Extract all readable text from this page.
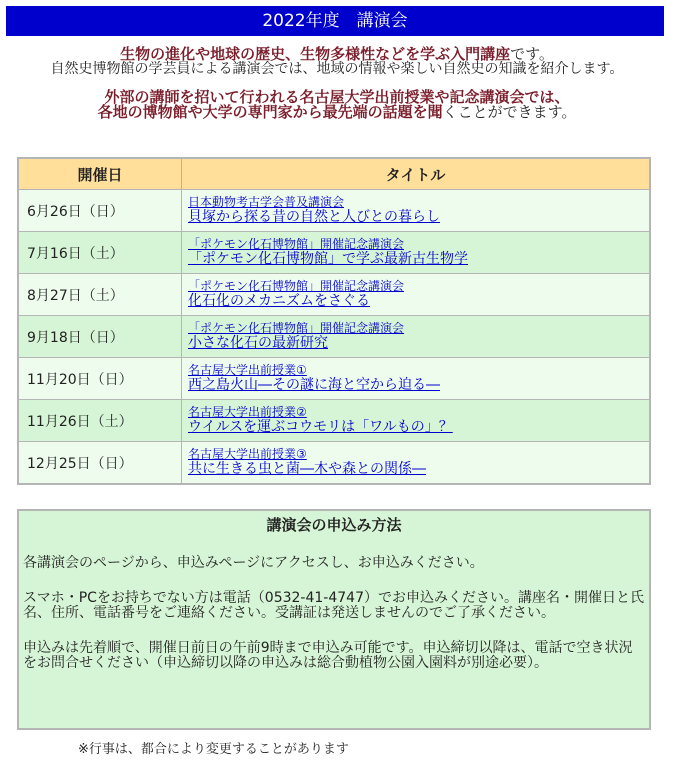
2022年度　講演会

生物の進化や地球の歴史、生物多様性などを学ぶ入門講座です。

自然史博物館の学芸員による講演会では、地域の情報や楽しい自然史の知識を紹介します。

外部の講師を招いて行われる名古屋大学出前授業や記念講演会では、

各地の博物館や大学の専門家から最先端の話題を聞くことができます。

開催日	タイトル
6月26日（日）	日本動物考古学会普及講演会
貝塚から探る昔の自然と人びとの暮らし

7月16日（土）	「ポケモン化石博物館」開催記念講演会
「ポケモン化石博物館」で学ぶ最新古生物学

8月27日（土）	「ポケモン化石博物館」開催記念講演会
化石化のメカニズムをさぐる

9月18日（日）	「ポケモン化石博物館」開催記念講演会
小さな化石の最新研究

11月20日（日）	名古屋大学出前授業①
西之島火山―その謎に海と空から迫る―

11月26日（土）	名古屋大学出前授業②
ウイルスを運ぶコウモリは「ワルもの」？

12月25日（日）	名古屋大学出前授業③
共に生きる虫と菌―木や森との関係―
講演会の申込み方法

各講演会のページから、申込みページにアクセスし、お申込みください。

スマホ・PCをお持ちでない方は電話（0532-41-4747）でお申込みください。講座名・開催日と氏名、住所、電話番号をご連絡ください。受講証は発送しませんのでご了承ください。

申込みは先着順で、開催日前日の午前9時まで申込み可能です。申込締切以降は、電話で空き状況をお問合せください（申込締切以降の申込みは総合動植物公園入園料が別途必要）。

※行事は、都合により変更することがあります
